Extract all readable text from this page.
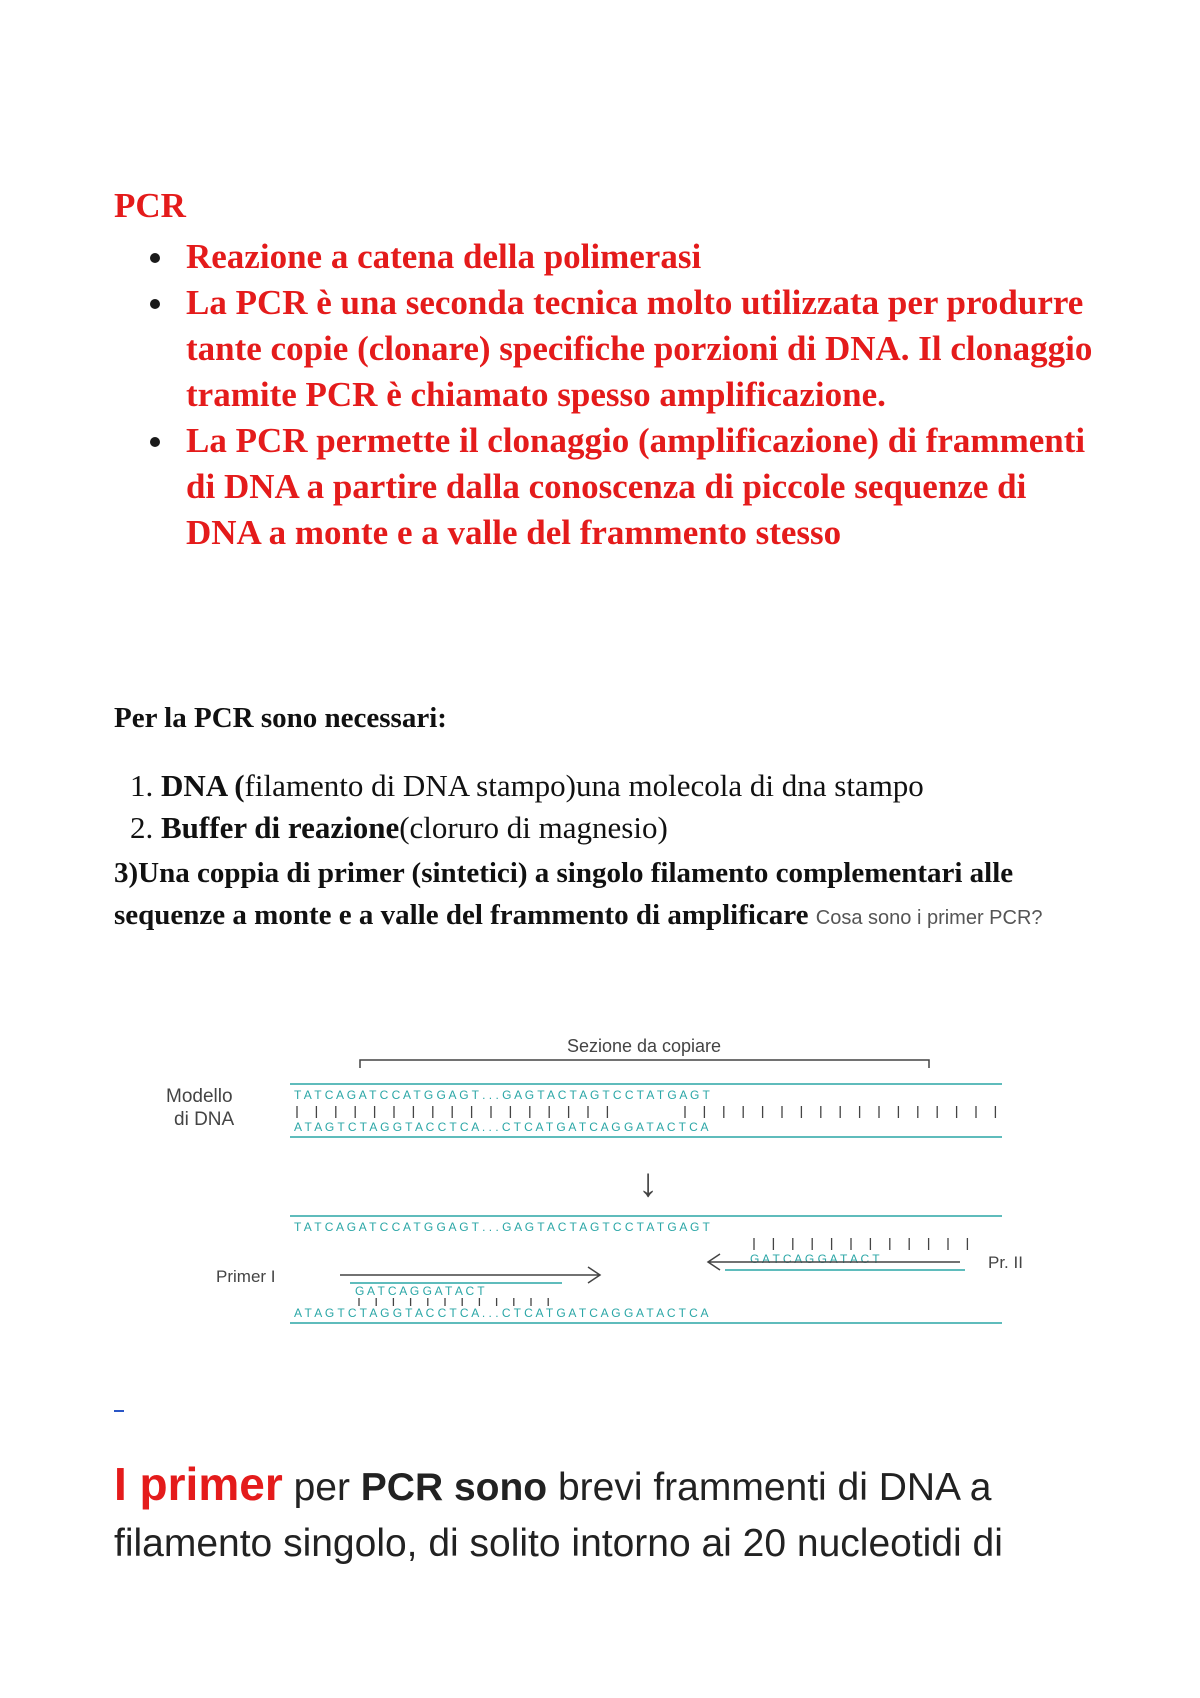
PCR
Reazione a catena della polimerasi
La PCR è una seconda tecnica molto utilizzata per produrre tante copie (clonare) specifiche porzioni di DNA. Il clonaggio tramite PCR è chiamato spesso amplificazione.
La PCR permette il clonaggio (amplificazione) di frammenti di DNA a partire dalla conoscenza di piccole sequenze di DNA a monte e a valle del frammento stesso
Per la PCR sono necessari:
1. DNA (filamento di DNA stampo)una molecola di dna stampo
2. Buffer di reazione(cloruro di magnesio)
3)Una coppia di primer (sintetici) a singolo filamento complementari alle sequenze a monte e a valle del frammento di amplificare Cosa sono i primer PCR?
Sezione da copiare
Modello
di DNA
T A T C A G A T C C A T G G A G T . . . G A G T A C T A G T C C T A T G A G T
A T A G T C T A G G T A C C T C A . . . C T C A T G A T C A G G A T A C T C A
↓
T A T C A G A T C C A T G G A G T . . . G A G T A C T A G T C C T A T G A G T
G A T C A G G A T A C T	Pr. II
Primer I
G A T C A G G A T A C T
A T A G T C T A G G T A C C T C A . . . C T C A T G A T C A G G A T A C T C A
I primer per PCR sono brevi frammenti di DNA a filamento singolo, di solito intorno ai 20 nucleotidi di
